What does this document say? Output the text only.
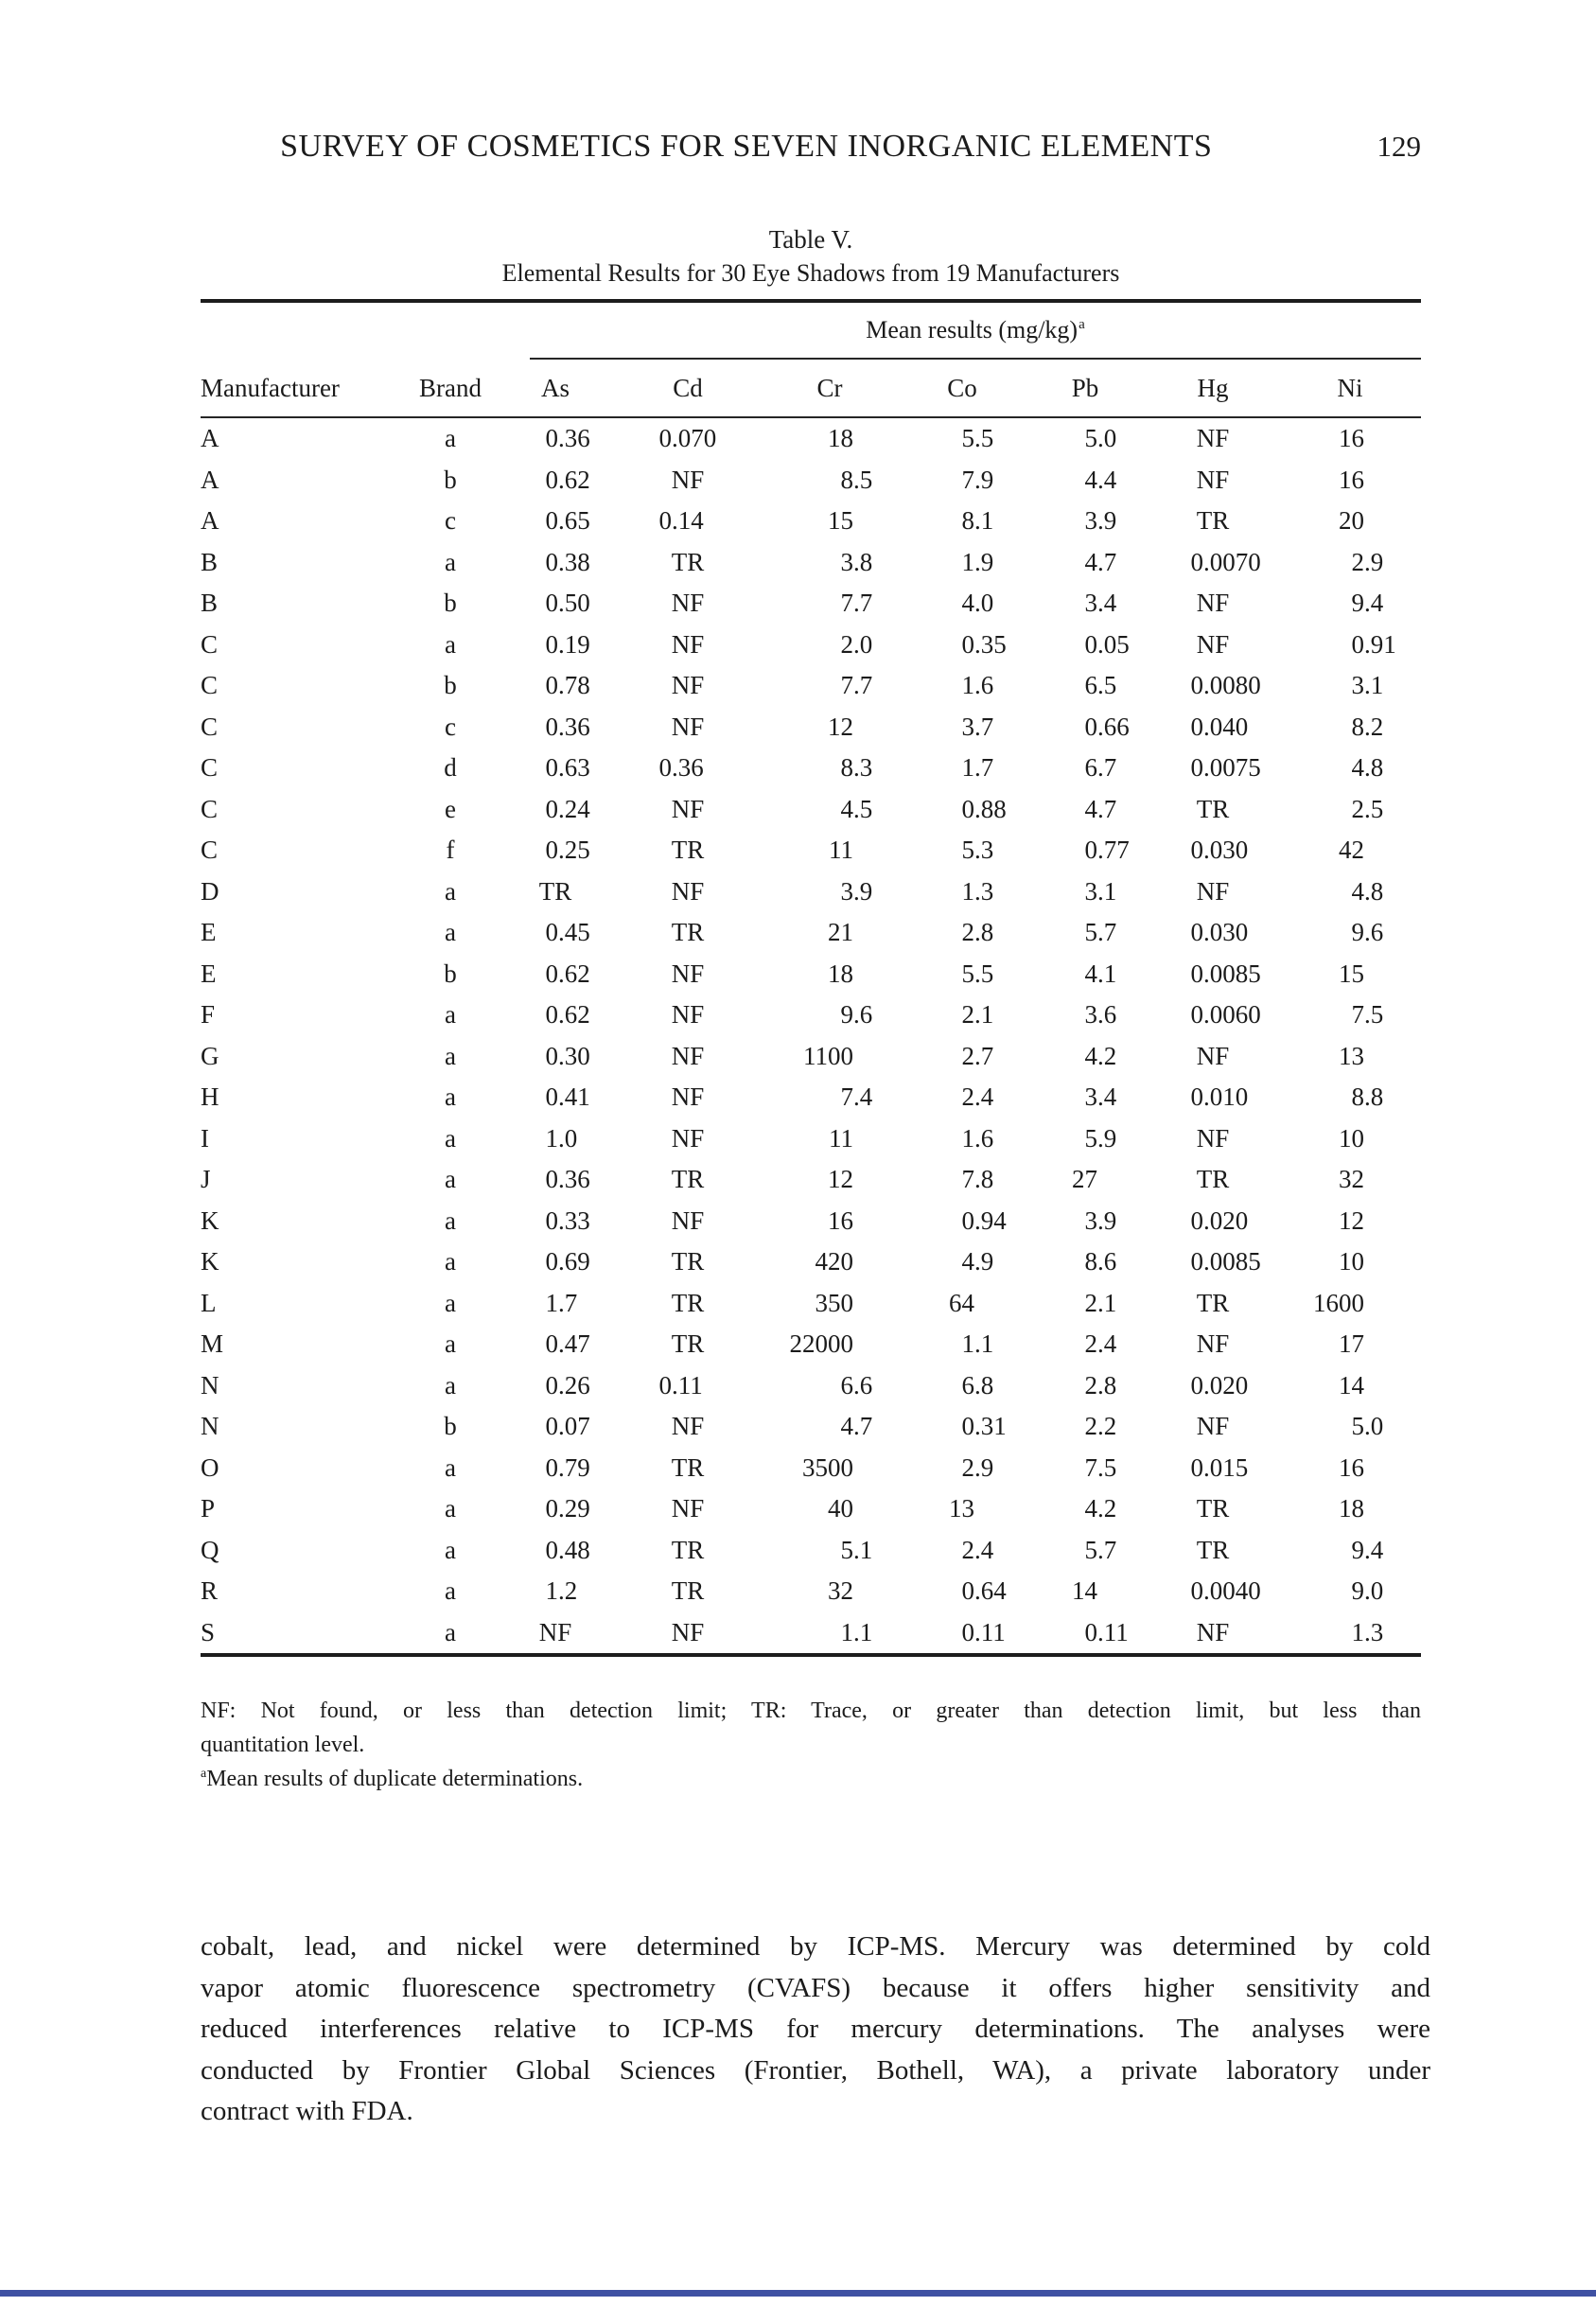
SURVEY OF COSMETICS FOR SEVEN INORGANIC ELEMENTS	129
Table V.
Elemental Results for 30 Eye Shadows from 19 Manufacturers
Mean results $(mg/kg)^a$
Manufacturer	Brand	As	Cd	Cr	Co	Pb	Hg	Ni
A	a	0 .36	0 .070	18	5 .5	5 .0	NF	16
A	b	0 .62	NF	8 .5	7 .9	4 .4	NF	16
A	c	0 .65	0 .14	15	8 .1	3 .9	TR	20
B	a	0 .38	TR	3 .8	1 .9	4 .7	0 .0070	2 .9
B	b	0 .50	NF	7 .7	4 .0	3 .4	NF	9 .4
C	a	0 .19	NF	2 .0	0 .35	0 .05	NF	0 .91
C	b	0 .78	NF	7 .7	1 .6	6 .5	0 .0080	3 .1
C	c	0 .36	NF	12	3 .7	0 .66	0 .040	8 .2
C	d	0 .63	0 .36	8 .3	1 .7	6 .7	0 .0075	4 .8
C	e	0 .24	NF	4 .5	0 .88	4 .7	TR	2 .5
C	f	0 .25	TR	11	5 .3	0 .77	0 .030	42
D	a	TR	NF	3 .9	1 .3	3 .1	NF	4 .8
E	a	0 .45	TR	21	2 .8	5 .7	0 .030	9 .6
E	b	0 .62	NF	18	5 .5	4 .1	0 .0085	15
F	a	0 .62	NF	9 .6	2 .1	3 .6	0 .0060	7 .5
G	a	0 .30	NF	1100	2 .7	4 .2	NF	13
H	a	0 .41	NF	7 .4	2 .4	3 .4	0 .010	8 .8
I	a	1 .0	NF	11	1 .6	5 .9	NF	10
J	a	0 .36	TR	12	7 .8	27	TR	32
K	a	0 .33	NF	16	0 .94	3 .9	0 .020	12
K	a	0 .69	TR	420	4 .9	8 .6	0 .0085	10
L	a	1 .7	TR	350	64	2 .1	TR	1600
M	a	0 .47	TR	22000	1 .1	2 .4	NF	17
N	a	0 .26	0 .11	6 .6	6 .8	2 .8	0 .020	14
N	b	0 .07	NF	4 .7	0 .31	2 .2	NF	5 .0
O	a	0 .79	TR	3500	2 .9	7 .5	0 .015	16
P	a	0 .29	NF	40	13	4 .2	TR	18
Q	a	0 .48	TR	5 .1	2 .4	5 .7	TR	9 .4
R	a	1 .2	TR	32	0 .64	14	0 .0040	9 .0
S	a	NF	NF	1 .1	0 .11	0 .11	NF	1 .3
NF: Not found, or less than detection limit; TR: Trace, or greater than detection limit, but less than
quantitation level.
$^a$Mean results of duplicate determinations.
cobalt, lead, and nickel were determined by ICP-MS. Mercury was determined by cold
vapor atomic fluorescence spectrometry (CVAFS) because it offers higher sensitivity and
reduced interferences relative to ICP-MS for mercury determinations. The analyses were
conducted by Frontier Global Sciences (Frontier, Bothell, WA), a private laboratory under
contract with FDA.
